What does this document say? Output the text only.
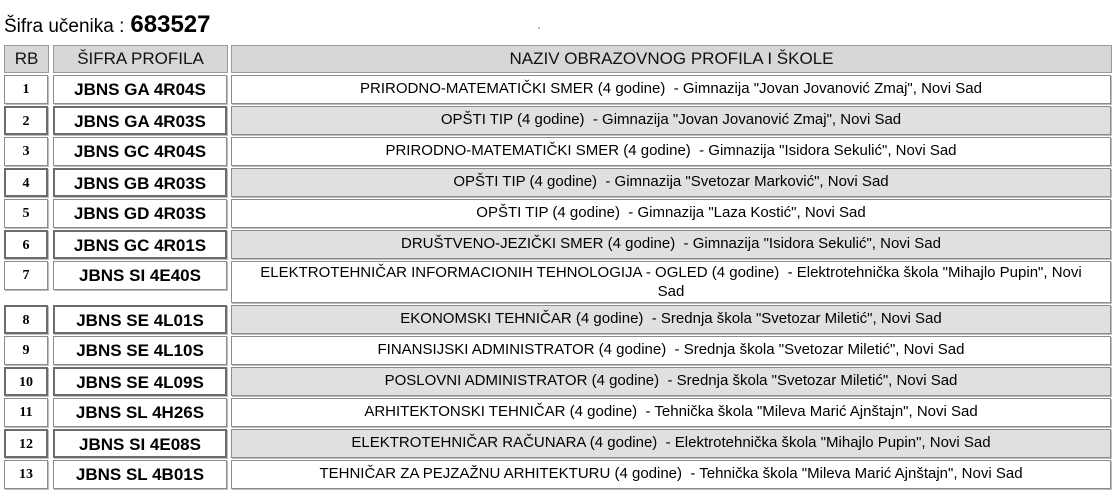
Šifra učenika : 683527
RB	ŠIFRA PROFILA	NAZIV OBRAZOVNOG PROFILA I ŠKOLE
1	JBNS GA 4R04S	PRIRODNO-MATEMATIČKI SMER (4 godine)  - Gimnazija "Jovan Jovanović Zmaj", Novi Sad
2	JBNS GA 4R03S	OPŠTI TIP (4 godine)  - Gimnazija "Jovan Jovanović Zmaj", Novi Sad
3	JBNS GC 4R04S	PRIRODNO-MATEMATIČKI SMER (4 godine)  - Gimnazija "Isidora Sekulić", Novi Sad
4	JBNS GB 4R03S	OPŠTI TIP (4 godine)  - Gimnazija "Svetozar Marković", Novi Sad
5	JBNS GD 4R03S	OPŠTI TIP (4 godine)  - Gimnazija "Laza Kostić", Novi Sad
6	JBNS GC 4R01S	DRUŠTVENO-JEZIČKI SMER (4 godine)  - Gimnazija "Isidora Sekulić", Novi Sad
7	JBNS SI 4E40S	ELEKTROTEHNIČAR INFORMACIONIH TEHNOLOGIJA - OGLED (4 godine)  - Elektrotehnička škola "Mihajlo Pupin", Novi Sad
8	JBNS SE 4L01S	EKONOMSKI TEHNIČAR (4 godine)  - Srednja škola "Svetozar Miletić", Novi Sad
9	JBNS SE 4L10S	FINANSIJSKI ADMINISTRATOR (4 godine)  - Srednja škola "Svetozar Miletić", Novi Sad
10	JBNS SE 4L09S	POSLOVNI ADMINISTRATOR (4 godine)  - Srednja škola "Svetozar Miletić", Novi Sad
11	JBNS SL 4H26S	ARHITEKTONSKI TEHNIČAR (4 godine)  - Tehnička škola "Mileva Marić Ajnštajn", Novi Sad
12	JBNS SI 4E08S	ELEKTROTEHNIČAR RAČUNARA (4 godine)  - Elektrotehnička škola "Mihajlo Pupin", Novi Sad
13	JBNS SL 4B01S	TEHNIČAR ZA PEJZAŽNU ARHITEKTURU (4 godine)  - Tehnička škola "Mileva Marić Ajnštajn", Novi Sad
